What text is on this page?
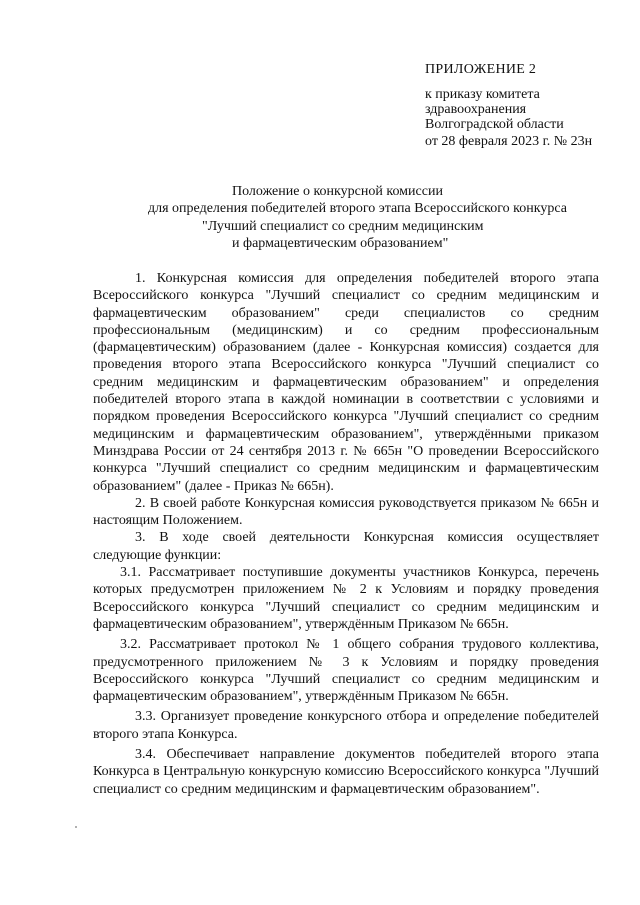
ПРИЛОЖЕНИЕ 2

к приказу комитета

здравоохранения

Волгоградской области

от 28 февраля 2023 г. № 23н

Положение о конкурсной комиссии

для определения победителей второго этапа Всероссийского конкурса

"Лучший специалист со средним медицинским

и фармацевтическим образованием"

1. Конкурсная комиссия для определения победителей второго этапа Всероссийского конкурса "Лучший специалист со средним медицинским и фармацевтическим образованием" среди специалистов со средним профессиональным (медицинским) и со средним профессиональным (фармацевтическим) образованием (далее - Конкурсная комиссия) создается для проведения второго этапа Всероссийского конкурса "Лучший специалист со средним медицинским и фармацевтическим образованием" и определения победителей второго этапа в каждой номинации в соответствии с условиями и порядком проведения Всероссийского конкурса "Лучший специалист со средним медицинским и фармацевтическим образованием", утверждёнными приказом Минздрава России от 24 сентября 2013 г. № 665н "О проведении Всероссийского конкурса "Лучший специалист со средним медицинским и фармацевтическим образованием" (далее - Приказ № 665н).

2. В своей работе Конкурсная комиссия руководствуется приказом № 665н и настоящим Положением.

3. В ходе своей деятельности Конкурсная комиссия осуществляет следующие функции:

3.1. Рассматривает поступившие документы участников Конкурса, перечень которых предусмотрен приложением № 2 к Условиям и порядку проведения Всероссийского конкурса "Лучший специалист со средним медицинским и фармацевтическим образованием", утверждённым Приказом № 665н.

3.2. Рассматривает протокол № 1 общего собрания трудового коллектива, предусмотренного приложением № 3 к Условиям и порядку проведения Всероссийского конкурса "Лучший специалист со средним медицинским и фармацевтическим образованием", утверждённым Приказом № 665н.

3.3. Организует проведение конкурсного отбора и определение победителей второго этапа Конкурса.

3.4. Обеспечивает направление документов победителей второго этапа Конкурса в Центральную конкурсную комиссию Всероссийского конкурса "Лучший специалист со средним медицинским и фармацевтическим образованием".
